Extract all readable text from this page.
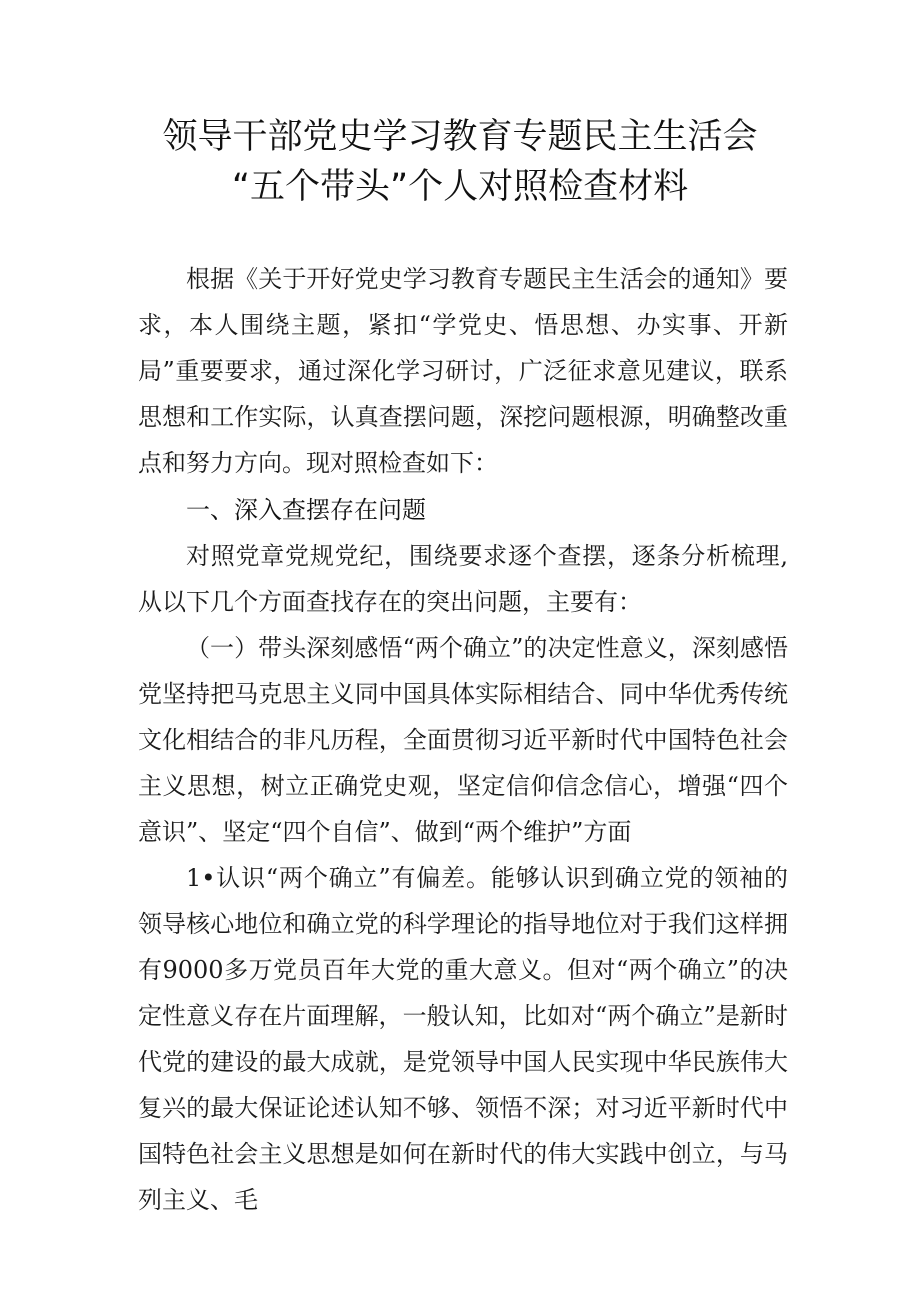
领导干部党史学习教育专题民主生活会
“五个带头”个人对照检查材料

根据《关于开好党史学习教育专题民主生活会的通知》要求，本人围绕主题，紧扣“学党史、悟思想、办实事、开新局”重要要求，通过深化学习研讨，广泛征求意见建议，联系思想和工作实际，认真查摆问题，深挖问题根源，明确整改重点和努力方向。现对照检查如下：

一、深入查摆存在问题

对照党章党规党纪，围绕要求逐个查摆，逐条分析梳理,从以下几个方面查找存在的突出问题，主要有：

（一）带头深刻感悟“两个确立”的决定性意义，深刻感悟党坚持把马克思主义同中国具体实际相结合、同中华优秀传统文化相结合的非凡历程，全面贯彻习近平新时代中国特色社会主义思想，树立正确党史观，坚定信仰信念信心，增强“四个意识”、坚定“四个自信”、做到“两个维护”方面

1•认识“两个确立”有偏差。能够认识到确立党的领袖的领导核心地位和确立党的科学理论的指导地位对于我们这样拥有9000多万党员百年大党的重大意义。但对“两个确立”的决定性意义存在片面理解，一般认知，比如对“两个确立”是新时代党的建设的最大成就，是党领导中国人民实现中华民族伟大复兴的最大保证论述认知不够、领悟不深；对习近平新时代中国特色社会主义思想是如何在新时代的伟大实践中创立，与马列主义、毛
